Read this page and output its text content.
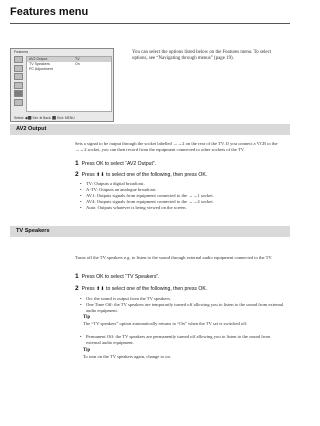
Features menu
Features
AV2 Output	TV
TV Speakers	On
PC Adjustment
Select: ◆⬛ Set: ⊕ Back: ⬛ End: MENU
You can select the options listed below on the Features menu. To select options, see “Navigating through menus” (page 19).
AV2 Output
Sets a signal to be output through the socket labelled →→2 on the rear of the TV. If you connect a VCR to the →→2 socket, you can then record from the equipment connected to other sockets of the TV.
1 Press OK to select “AV2 Output”.
2 Press ⬆⬇ to select one of the following, then press OK.
• TV: Outputs a digital broadcast.
• A-TV: Outputs an analogue broadcast.
• AV1: Outputs signals from equipment connected to the →→1 socket.
• AV4: Outputs signals from equipment connected to the →→4 socket.
• Auto: Outputs whatever is being viewed on the screen.
TV Speakers
Turns off the TV speakers e.g. to listen to the sound through external audio equipment connected to the TV.
1 Press OK to select “TV Speakers”.
2 Press ⬆⬇ to select one of the following, then press OK.
• On: the sound is output from the TV speakers.
• One Time Off: the TV speakers are temporarily turned off allowing you to listen to the sound from external audio equipment.
Tip
The “TV speakers” option automatically returns to “On” when the TV set is switched off.
• Permanent Off: the TV speakers are permanently turned off allowing you to listen to the sound from external audio equipment.
Tip
To turn on the TV speakers again, change to on.
